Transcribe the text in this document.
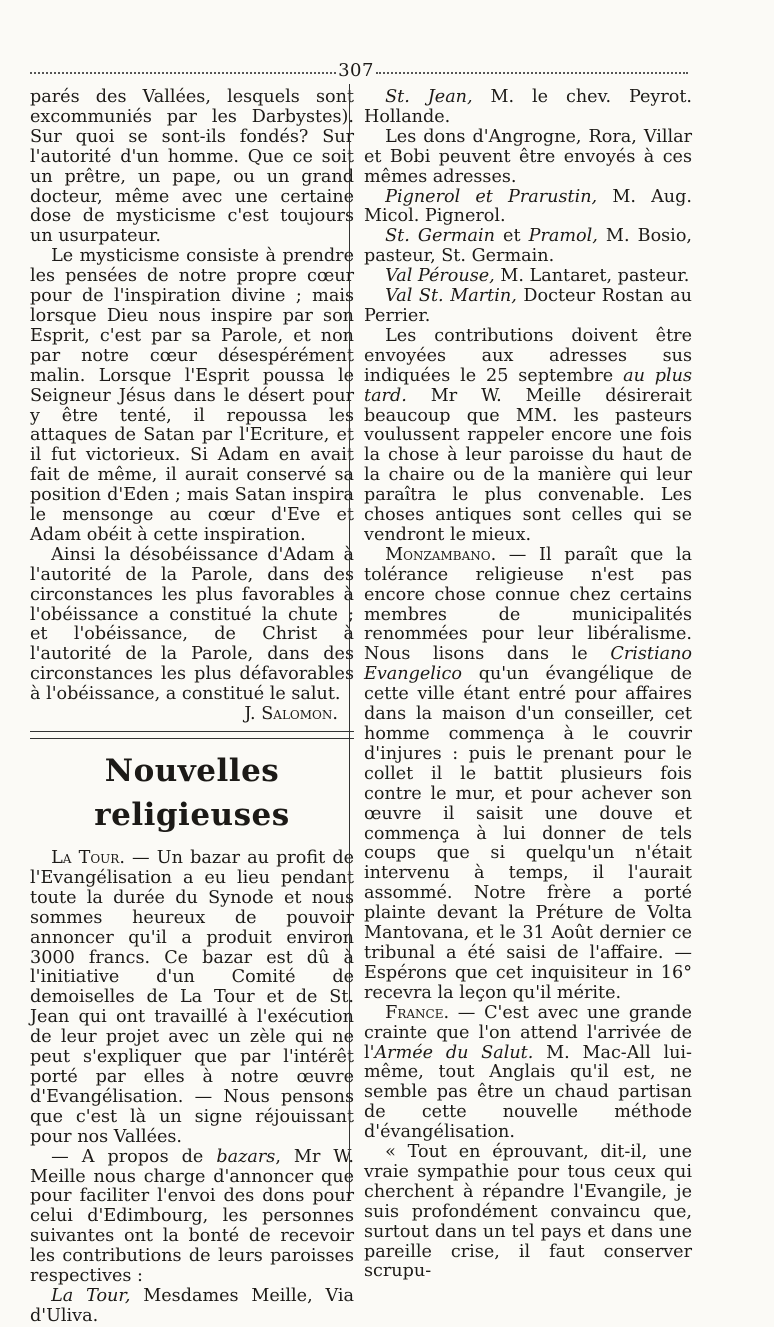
307

parés des Vallées, lesquels sont excommuniés par les Darbystes). Sur quoi se sont-ils fondés? Sur l'autorité d'un homme. Que ce soit un prêtre, un pape, ou un grand docteur, même avec une certaine dose de mysticisme c'est toujours un usurpateur.

Le mysticisme consiste à prendre les pensées de notre propre cœur pour de l'inspiration divine ; mais lorsque Dieu nous inspire par son Esprit, c'est par sa Parole, et non par notre cœur désespérément malin. Lorsque l'Esprit poussa le Seigneur Jésus dans le désert pour y être tenté, il repoussa les attaques de Satan par l'Ecriture, et il fut victorieux. Si Adam en avait fait de même, il aurait conservé sa position d'Eden ; mais Satan inspira le mensonge au cœur d'Eve et Adam obéit à cette inspiration.

Ainsi la désobéissance d'Adam à l'autorité de la Parole, dans des circonstances les plus favorables à l'obéissance a constitué la chute ; et l'obéissance, de Christ à l'autorité de la Parole, dans des circonstances les plus défavorables à l'obéissance, a constitué le salut.

J. Salomon.
Nouvelles religieuses

La Tour. — Un bazar au profit de l'Evangélisation a eu lieu pendant toute la durée du Synode et nous sommes heureux de pouvoir annoncer qu'il a produit environ 3000 francs. Ce bazar est dû à l'initiative d'un Comité de demoiselles de La Tour et de St. Jean qui ont travaillé à l'exécution de leur projet avec un zèle qui ne peut s'expliquer que par l'intérêt porté par elles à notre œuvre d'Evangélisation. — Nous pensons que c'est là un signe réjouissant pour nos Vallées.

— A propos de bazars, Mr W. Meille nous charge d'annoncer que pour faciliter l'envoi des dons pour celui d'Edimbourg, les personnes suivantes ont la bonté de recevoir les contributions de leurs paroisses respectives :

La Tour, Mesdames Meille, Via d'Uliva.

St. Jean, M. le chev. Peyrot. Hollande.

Les dons d'Angrogne, Rora, Villar et Bobi peuvent être envoyés à ces mêmes adresses.

Pignerol et Prarustin, M. Aug. Micol. Pignerol.

St. Germain et Pramol, M. Bosio, pasteur, St. Germain.

Val Pérouse, M. Lantaret, pasteur.

Val St. Martin, Docteur Rostan au Perrier.

Les contributions doivent être envoyées aux adresses sus indiquées le 25 septembre au plus tard. Mr W. Meille désirerait beaucoup que MM. les pasteurs voulussent rappeler encore une fois la chose à leur paroisse du haut de la chaire ou de la manière qui leur paraîtra le plus convenable. Les choses antiques sont celles qui se vendront le mieux.

Monzambano. — Il paraît que la tolérance religieuse n'est pas encore chose connue chez certains membres de municipalités renommées pour leur libéralisme. Nous lisons dans le Cristiano Evangelico qu'un évangélique de cette ville étant entré pour affaires dans la maison d'un conseiller, cet homme commença à le couvrir d'injures : puis le prenant pour le collet il le battit plusieurs fois contre le mur, et pour achever son œuvre il saisit une douve et commença à lui donner de tels coups que si quelqu'un n'était intervenu à temps, il l'aurait assommé. Notre frère a porté plainte devant la Préture de Volta Mantovana, et le 31 Août dernier ce tribunal a été saisi de l'affaire. — Espérons que cet inquisiteur in 16° recevra la leçon qu'il mérite.

France. — C'est avec une grande crainte que l'on attend l'arrivée de l'Armée du Salut. M. Mac-All lui-même, tout Anglais qu'il est, ne semble pas être un chaud partisan de cette nouvelle méthode d'évangélisation.

« Tout en éprouvant, dit-il, une vraie sympathie pour tous ceux qui cherchent à répandre l'Evangile, je suis profondément convaincu que, surtout dans un tel pays et dans une pareille crise, il faut conserver scrupu-
